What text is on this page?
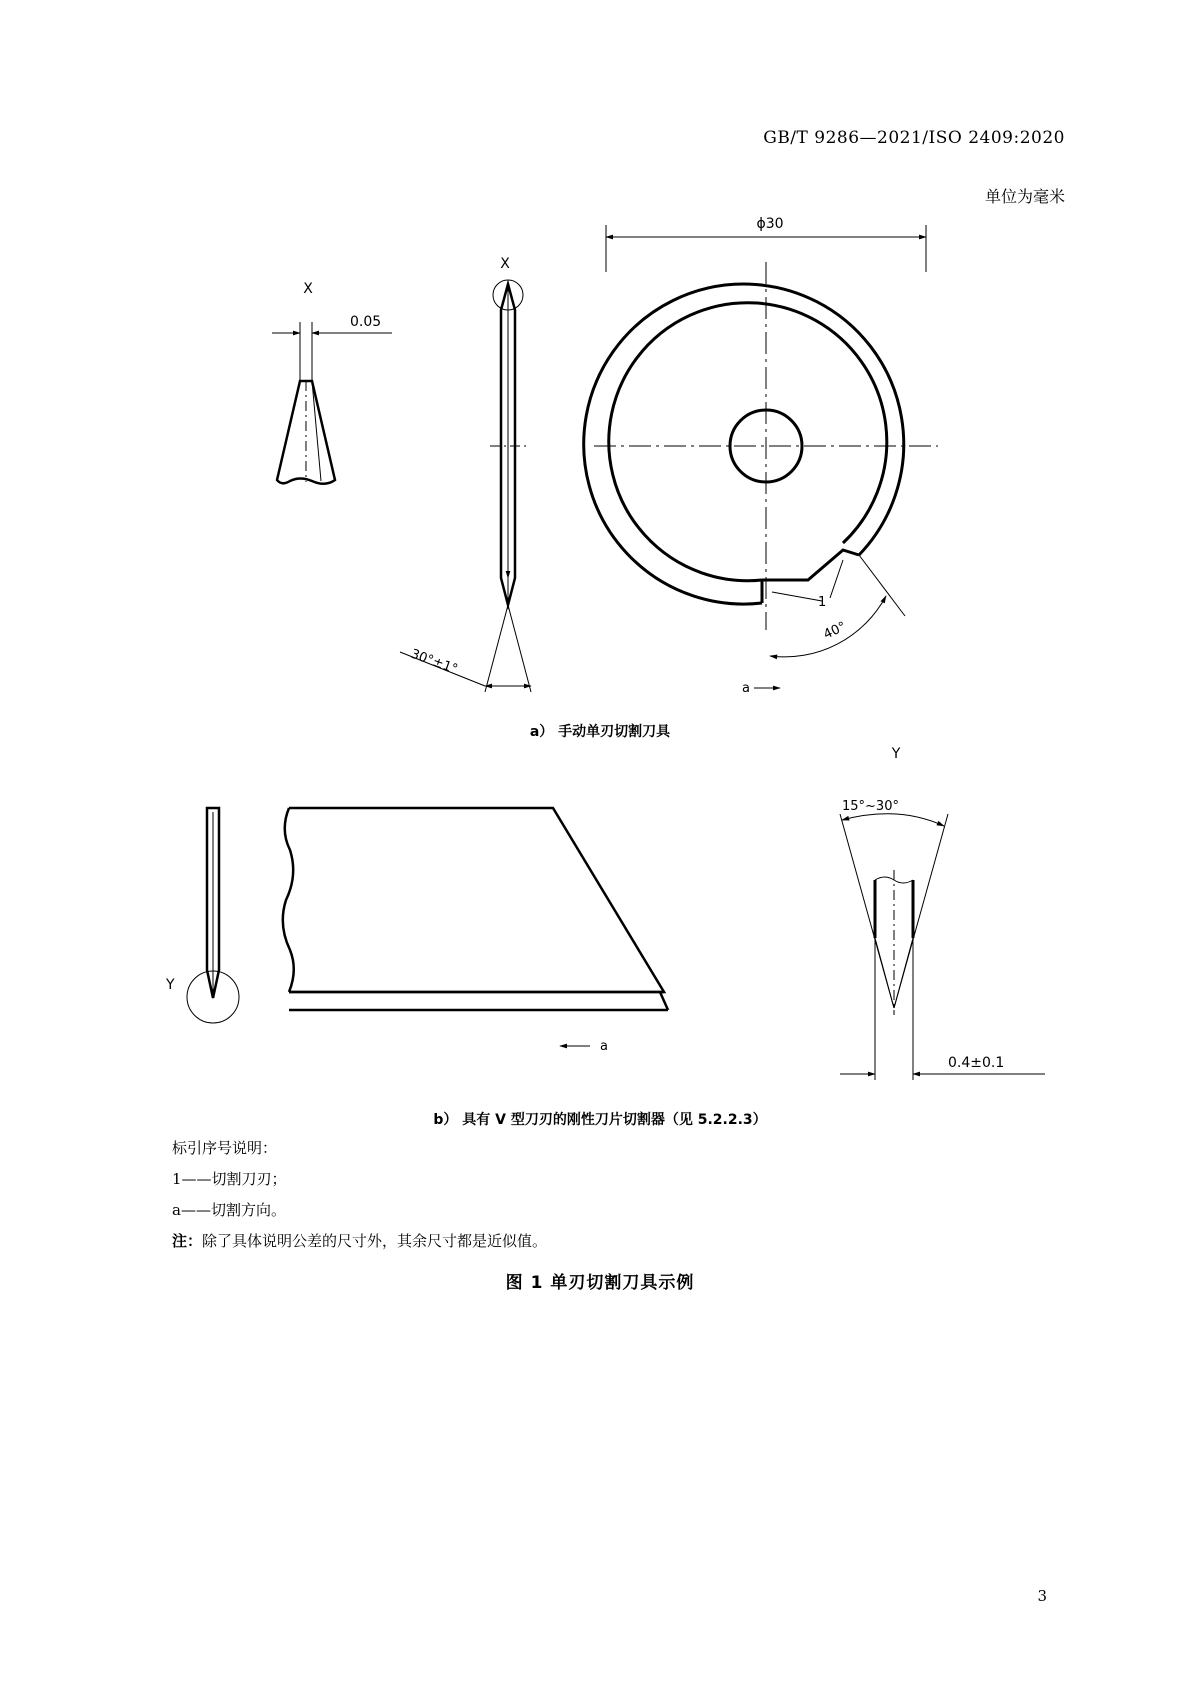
GB/T 9286—2021/ISO 2409:2020
单位为毫米
X
0.05
X
30°±1°
ϕ30
1
40°
a
Y
Y
a
15°~30°
0.4±0.1
a） 手动单刃切割刀具
b） 具有 V 型刀刃的刚性刀片切割器（见 5.2.2.3）
标引序号说明：
1——切割刀刃；
a——切割方向。
注：除了具体说明公差的尺寸外，其余尺寸都是近似值。
图 1 单刃切割刀具示例
3
